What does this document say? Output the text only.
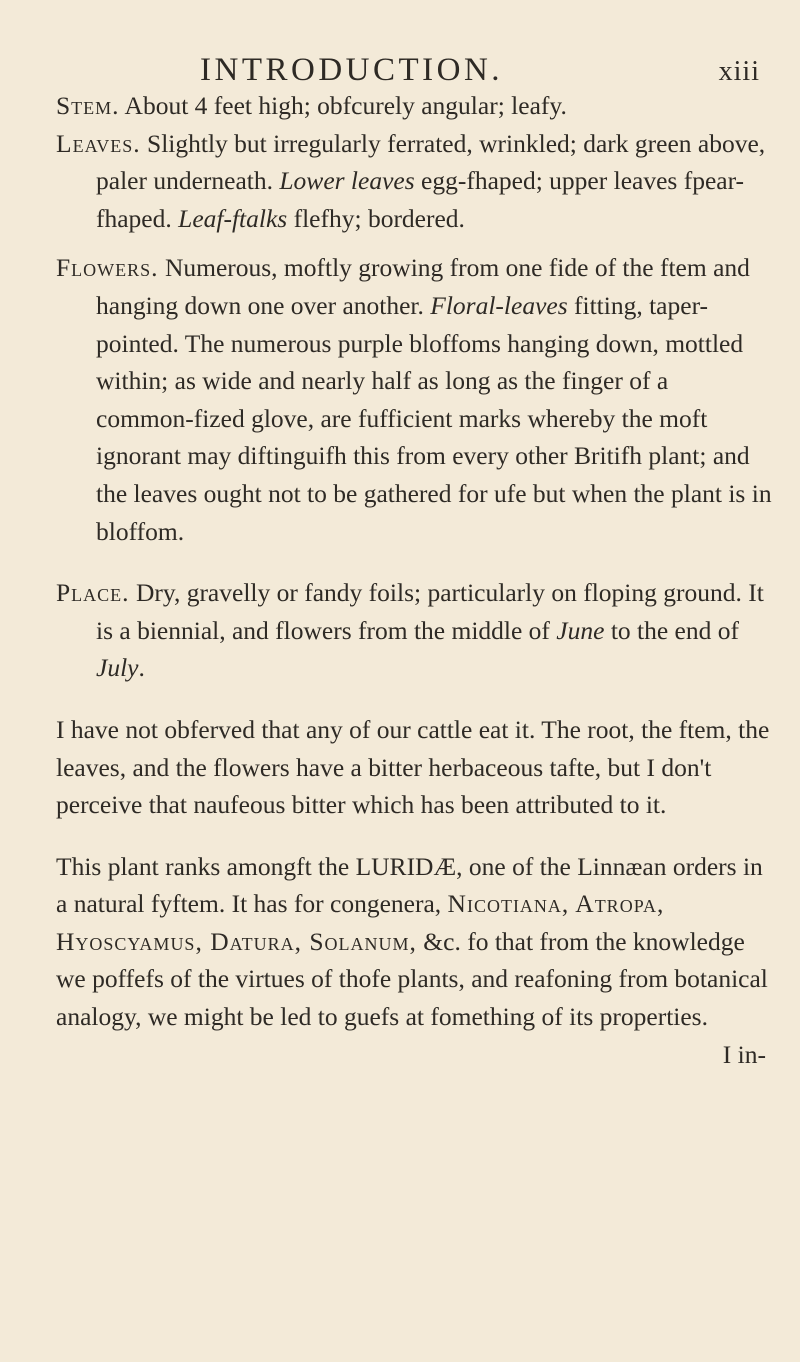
INTRODUCTION.	xiii

Stem. About 4 feet high; obfcurely angular; leafy.

Leaves. Slightly but irregularly ferrated, wrinkled; dark green above, paler underneath. Lower leaves egg-fhaped; upper leaves fpear-fhaped. Leaf-ftalks flefhy; bordered.

Flowers. Numerous, moftly growing from one fide of the ftem and hanging down one over another. Floral-leaves fitting, taper-pointed. The numerous purple bloffoms hanging down, mottled within; as wide and nearly half as long as the finger of a common-fized glove, are fufficient marks whereby the moft ignorant may diftinguifh this from every other Britifh plant; and the leaves ought not to be gathered for ufe but when the plant is in bloffom.

Place. Dry, gravelly or fandy foils; particularly on floping ground. It is a biennial, and flowers from the middle of June to the end of July.

I have not obferved that any of our cattle eat it. The root, the ftem, the leaves, and the flowers have a bitter herbaceous tafte, but I don't perceive that naufeous bitter which has been attributed to it.

This plant ranks amongft the LURIDÆ, one of the Linnæan orders in a natural fyftem. It has for congenera, Nicotiana, Atropa, Hyoscyamus, Datura, Solanum, &c. fo that from the knowledge we poffefs of the virtues of thofe plants, and reafoning from botanical analogy, we might be led to guefs at fomething of its properties.

I in-
